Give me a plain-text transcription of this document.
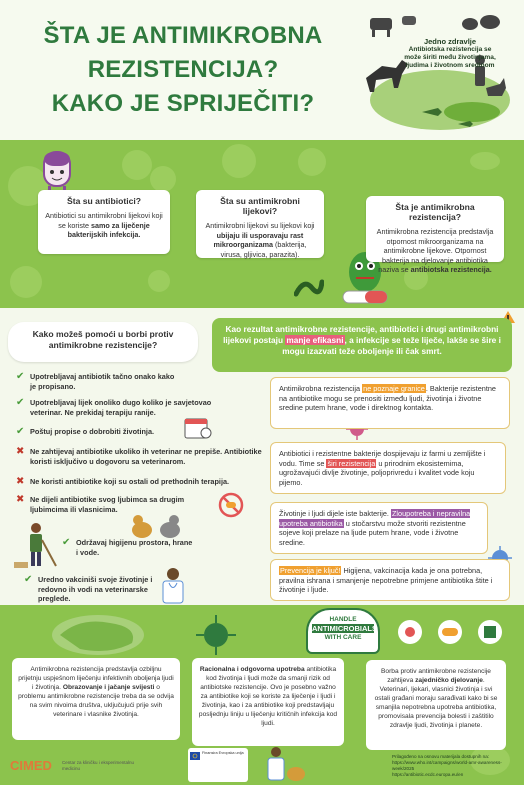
ŠTA JE ANTIMIKROBNA
REZISTENCIJA?
KAKO JE SPRIJEČITI?
Jedno zdravlje
Antibiotska rezistencija se može širiti među životinjama, ljudima i životnom sredinom
Šta su antibiotici?

Antibiotici su antimikrobni lijekovi koji se koriste samo za liječenje bakterijskih infekcija.

Šta su antimikrobni lijekovi?

Antimikrobni lijekovi su lijekovi koji ubijaju ili usporavaju rast mikroorganizama (bakterija, virusa, gljivica, parazita).

Šta je antimikrobna rezistencija?

Antimikrobna rezistencija predstavlja otpornost mikroorganizama na antimikrobne lijekove. Otpornost bakterija na djelovanje antibiotika naziva se antibiotska rezistencija.

Kako možeš pomoći u borbi protiv antimikrobne rezistencije?

Kao rezultat antimikrobne rezistencije, antibiotici i drugi antimikrobni lijekovi postaju manje efikasni, a infekcije se teže liječe, lakše se šire i mogu izazvati teže oboljenje ili čak smrt.

✔ Upotrebljavaj antibiotik tačno onako kako je propisano.
✔ Upotrebljavaj lijek onoliko dugo koliko je savjetovao veterinar. Ne prekidaj terapiju ranije.
✔ Poštuj propise o dobrobiti životinja.
✖ Ne zahtijevaj antibiotike ukoliko ih veterinar ne prepiše. Antibiotike koristi isključivo u dogovoru sa veterinarom.
✖ Ne koristi antibiotike koji su ostali od prethodnih terapija.
✖ Ne dijeli antibiotike svog ljubimca sa drugim ljubimcima ili vlasnicima.
✔ Održavaj higijenu prostora, hrane i vode.
✔ Uredno vakciniši svoje životinje i redovno ih vodi na veterinarske preglede.
Antimikrobna rezistencija ne poznaje granice. Bakterije rezistentne na antibiotike mogu se prenositi između ljudi, životinja i životne sredine putem hrane, vode i direktnog kontakta.
Antibiotici i rezistentne bakterije dospijevaju iz farmi u zemljište i vodu. Time se širi rezistencija u prirodnim ekosistemima, ugrožavajući divlje životinje, poljoprivredu i kvalitet vode koju pijemo.
Životinje i ljudi dijele iste bakterije. Zloupotreba i nepravilna upotreba antibiotika u stočarstvu može stvoriti rezistentne sojeve koji prelaze na ljude putem hrane, vode i životne sredine.
Prevencija je ključ! Higijena, vakcinacija kada je ona potrebna, pravilna ishrana i smanjenje nepotrebne primjene antibiotika štite i životinje i ljude.
HANDLE
ANTIMICROBIALS
WITH CARE
Antimikrobna rezistencija predstavlja ozbiljnu prijetnju uspješnom liječenju infektivnih oboljenja ljudi i životinja. Obrazovanje i jačanje svijesti o problemu antimikrobne rezistencije treba da se odvija na svim nivoima društva, uključujući prije svih veterinare i vlasnike životinja.
Racionalna i odgovorna upotreba antibiotika kod životinja i ljudi može da smanji rizik od antibiotske rezistencije. Ovo je posebno važno za antibiotike koji se koriste za liječenje i ljudi i životinja, kao i za antibiotike koji predstavljaju posljednju liniju u liječenju kritičnih infekcija kod ljudi.
Borba protiv antimikrobne rezistencije zahtijeva zajedničko djelovanje. Veterinari, ljekari, vlasnici životinja i svi ostali građani moraju sarađivati kako bi se smanjila nepotrebna upotreba antibiotika, promovisala prevencija bolesti i zaštitilo zdravlje ljudi, životinja i planete.
CIMED Centar za kliničku i eksperimentalnu medicinu
Finansira Evropska unija
Prilagođeno na osnovu materijala dostupnih na:
https://www.who.int/campaigns/world-amr-awareness-week/2025
https://antibiotic.ecdc.europa.eu/en
